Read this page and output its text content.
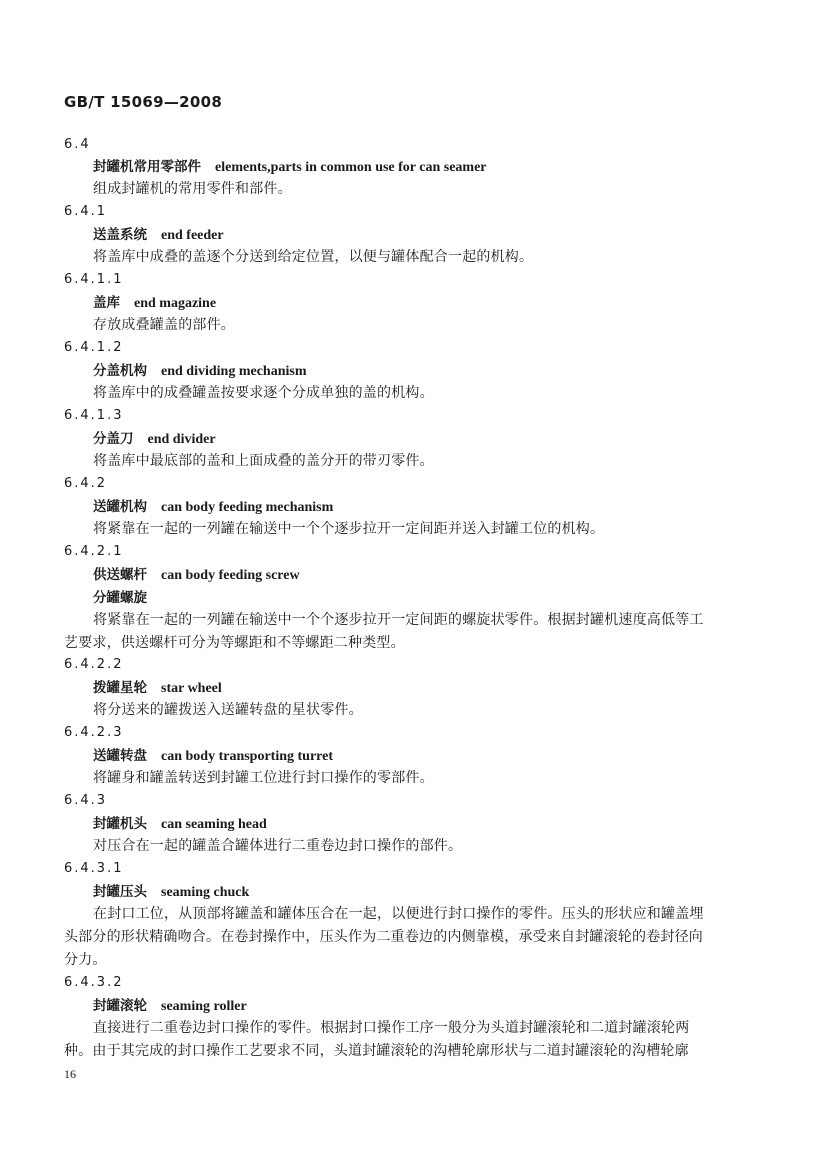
GB/T 15069—2008
6.4
封罐机常用零部件 elements,parts in common use for can seamer
组成封罐机的常用零件和部件。
6.4.1
送盖系统 end feeder
将盖库中成叠的盖逐个分送到给定位置，以便与罐体配合一起的机构。
6.4.1.1
盖库 end magazine
存放成叠罐盖的部件。
6.4.1.2
分盖机构 end dividing mechanism
将盖库中的成叠罐盖按要求逐个分成单独的盖的机构。
6.4.1.3
分盖刀 end divider
将盖库中最底部的盖和上面成叠的盖分开的带刃零件。
6.4.2
送罐机构 can body feeding mechanism
将紧靠在一起的一列罐在输送中一个个逐步拉开一定间距并送入封罐工位的机构。
6.4.2.1
供送螺杆 can body feeding screw
分罐螺旋
将紧靠在一起的一列罐在输送中一个个逐步拉开一定间距的螺旋状零件。根据封罐机速度高低等工艺要求，供送螺杆可分为等螺距和不等螺距二种类型。
6.4.2.2
拨罐星轮 star wheel
将分送来的罐拨送入送罐转盘的星状零件。
6.4.2.3
送罐转盘 can body transporting turret
将罐身和罐盖转送到封罐工位进行封口操作的零部件。
6.4.3
封罐机头 can seaming head
对压合在一起的罐盖合罐体进行二重卷边封口操作的部件。
6.4.3.1
封罐压头 seaming chuck
在封口工位，从顶部将罐盖和罐体压合在一起，以便进行封口操作的零件。压头的形状应和罐盖埋头部分的形状精确吻合。在卷封操作中，压头作为二重卷边的内侧靠模，承受来自封罐滚轮的卷封径向分力。
6.4.3.2
封罐滚轮 seaming roller
直接进行二重卷边封口操作的零件。根据封口操作工序一般分为头道封罐滚轮和二道封罐滚轮两种。由于其完成的封口操作工艺要求不同，头道封罐滚轮的沟槽轮廓形状与二道封罐滚轮的沟槽轮廓
16
